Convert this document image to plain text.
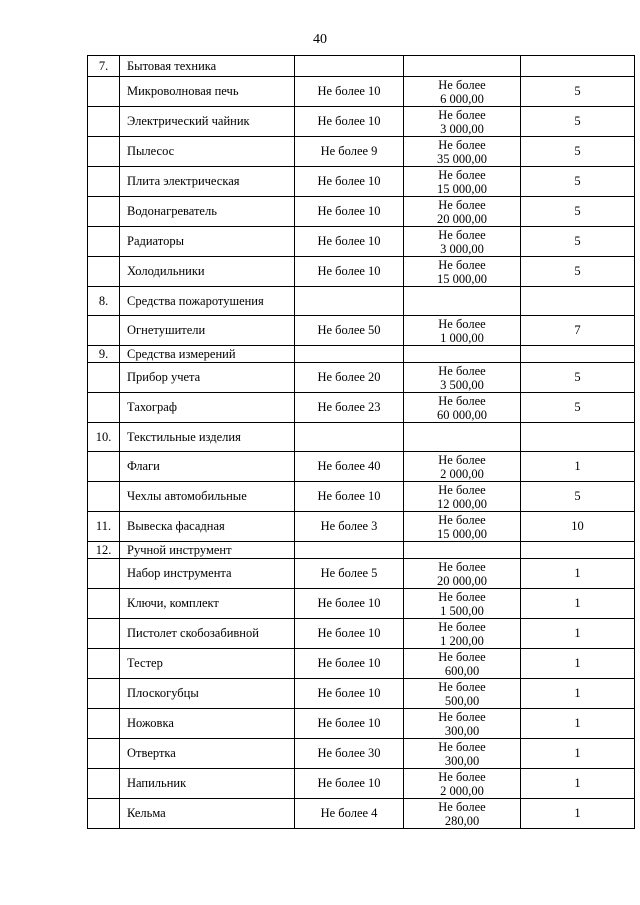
40
7.	Бытовая техника			
	Микроволновая печь	Не более 10	Не более
6 000,00	5
	Электрический чайник	Не более 10	Не более
3 000,00	5
	Пылесос	Не более 9	Не более
35 000,00	5
	Плита электрическая	Не более 10	Не более
15 000,00	5
	Водонагреватель	Не более 10	Не более
20 000,00	5
	Радиаторы	Не более 10	Не более
3 000,00	5
	Холодильники	Не более 10	Не более
15 000,00	5
8.	Средства пожаротушения			
	Огнетушители	Не более 50	Не более
1 000,00	7
9.	Средства измерений			
	Прибор учета	Не более 20	Не более
3 500,00	5
	Тахограф	Не более 23	Не более
60 000,00	5
10.	Текстильные изделия			
	Флаги	Не более 40	Не более
2 000,00	1
	Чехлы автомобильные	Не более 10	Не более
12 000,00	5
11.	Вывеска фасадная	Не более 3	Не более
15 000,00	10
12.	Ручной инструмент			
	Набор инструмента	Не более 5	Не более
20 000,00	1
	Ключи, комплект	Не более 10	Не более
1 500,00	1
	Пистолет скобозабивной	Не более 10	Не более
1 200,00	1
	Тестер	Не более 10	Не более
600,00	1
	Плоскогубцы	Не более 10	Не более
500,00	1
	Ножовка	Не более 10	Не более
300,00	1
	Отвертка	Не более 30	Не более
300,00	1
	Напильник	Не более 10	Не более
2 000,00	1
	Кельма	Не более 4	Не более
280,00	1
